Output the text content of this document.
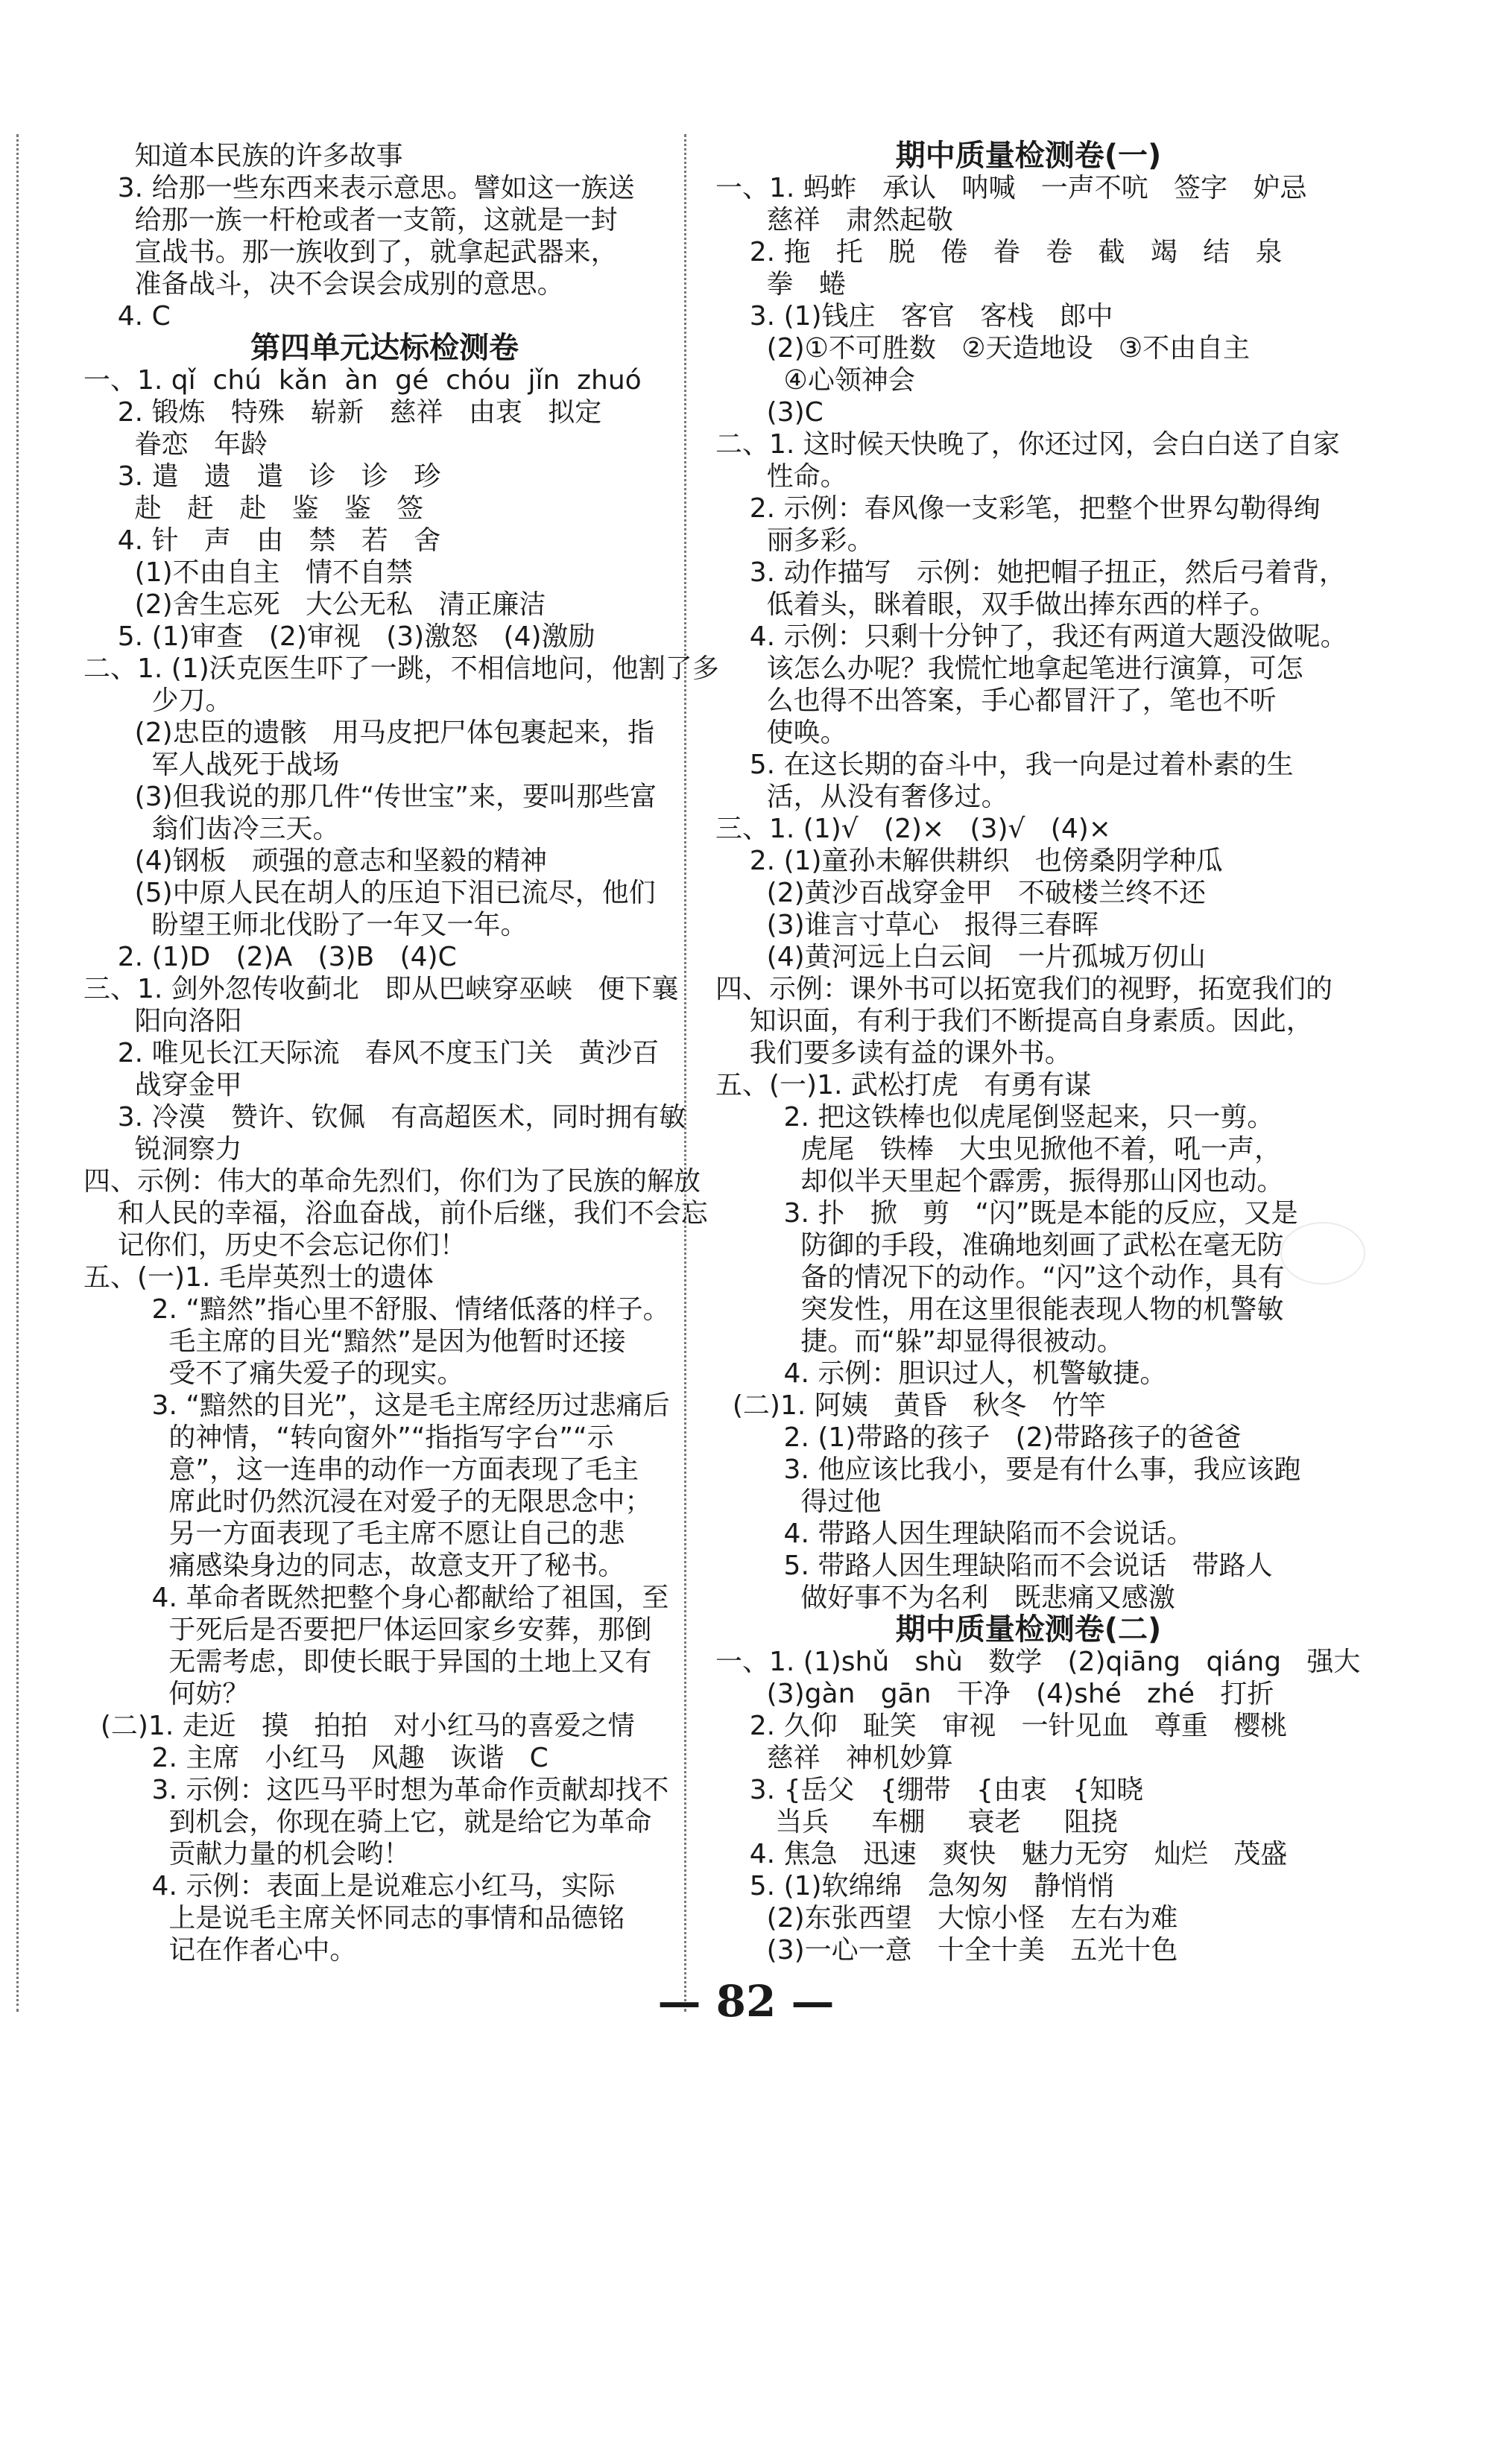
知道本民族的许多故事
3. 给那一些东西来表示意思。譬如这一族送
给那一族一杆枪或者一支箭，这就是一封
宣战书。那一族收到了，就拿起武器来，
准备战斗，决不会误会成别的意思。
4. C
第四单元达标检测卷
一、1. qǐ  chú  kǎn  àn  gé  chóu  jǐn  zhuó
2. 锻炼   特殊   崭新   慈祥   由衷   拟定
眷恋   年龄
3. 遣   遗   遣   诊   诊   珍
赴   赶   赴   鉴   鉴   签
4. 针   声   由   禁   若   舍
(1)不由自主   情不自禁
(2)舍生忘死   大公无私   清正廉洁
5. (1)审查   (2)审视   (3)激怒   (4)激励
二、1. (1)沃克医生吓了一跳，不相信地问，他割了多
少刀。
(2)忠臣的遗骸   用马皮把尸体包裹起来，指
军人战死于战场
(3)但我说的那几件“传世宝”来，要叫那些富
翁们齿冷三天。
(4)钢板   顽强的意志和坚毅的精神
(5)中原人民在胡人的压迫下泪已流尽，他们
盼望王师北伐盼了一年又一年。
2. (1)D   (2)A   (3)B   (4)C
三、1. 剑外忽传收蓟北   即从巴峡穿巫峡   便下襄
阳向洛阳
2. 唯见长江天际流   春风不度玉门关   黄沙百
战穿金甲
3. 冷漠   赞许、钦佩   有高超医术，同时拥有敏
锐洞察力
四、示例：伟大的革命先烈们，你们为了民族的解放
和人民的幸福，浴血奋战，前仆后继，我们不会忘
记你们，历史不会忘记你们！
五、(一)1. 毛岸英烈士的遗体
2. “黯然”指心里不舒服、情绪低落的样子。
毛主席的目光“黯然”是因为他暂时还接
受不了痛失爱子的现实。
3. “黯然的目光”，这是毛主席经历过悲痛后
的神情，“转向窗外”“指指写字台”“示
意”，这一连串的动作一方面表现了毛主
席此时仍然沉浸在对爱子的无限思念中；
另一方面表现了毛主席不愿让自己的悲
痛感染身边的同志，故意支开了秘书。
4. 革命者既然把整个身心都献给了祖国，至
于死后是否要把尸体运回家乡安葬，那倒
无需考虑，即使长眠于异国的土地上又有
何妨？
(二)1. 走近   摸   拍拍   对小红马的喜爱之情
2. 主席   小红马   风趣   诙谐   C
3. 示例：这匹马平时想为革命作贡献却找不
到机会，你现在骑上它，就是给它为革命
贡献力量的机会哟！
4. 示例：表面上是说难忘小红马，实际
上是说毛主席关怀同志的事情和品德铭
记在作者心中。
期中质量检测卷(一)
一、1. 蚂蚱   承认   呐喊   一声不吭   签字   妒忌
慈祥   肃然起敬
2. 拖   托   脱   倦   眷   卷   截   竭   结   泉
拳   蜷
3. (1)钱庄   客官   客栈   郎中
(2)①不可胜数   ②天造地设   ③不由自主
④心领神会
(3)C
二、1. 这时候天快晚了，你还过冈，会白白送了自家
性命。
2. 示例：春风像一支彩笔，把整个世界勾勒得绚
丽多彩。
3. 动作描写   示例：她把帽子扭正，然后弓着背，
低着头，眯着眼，双手做出捧东西的样子。
4. 示例：只剩十分钟了，我还有两道大题没做呢。
该怎么办呢？我慌忙地拿起笔进行演算，可怎
么也得不出答案，手心都冒汗了，笔也不听
使唤。
5. 在这长期的奋斗中，我一向是过着朴素的生
活，从没有奢侈过。
三、1. (1)√   (2)×   (3)√   (4)×
2. (1)童孙未解供耕织   也傍桑阴学种瓜
(2)黄沙百战穿金甲   不破楼兰终不还
(3)谁言寸草心   报得三春晖
(4)黄河远上白云间   一片孤城万仞山
四、示例：课外书可以拓宽我们的视野，拓宽我们的
知识面，有利于我们不断提高自身素质。因此，
我们要多读有益的课外书。
五、(一)1. 武松打虎   有勇有谋
2. 把这铁棒也似虎尾倒竖起来，只一剪。
虎尾   铁棒   大虫见掀他不着，吼一声，
却似半天里起个霹雳，振得那山冈也动。
3. 扑   掀   剪   “闪”既是本能的反应，又是
防御的手段，准确地刻画了武松在毫无防
备的情况下的动作。“闪”这个动作，具有
突发性，用在这里很能表现人物的机警敏
捷。而“躲”却显得很被动。
4. 示例：胆识过人，机警敏捷。
(二)1. 阿姨   黄昏   秋冬   竹竿
2. (1)带路的孩子   (2)带路孩子的爸爸
3. 他应该比我小，要是有什么事，我应该跑
得过他
4. 带路人因生理缺陷而不会说话。
5. 带路人因生理缺陷而不会说话   带路人
做好事不为名利   既悲痛又感激
期中质量检测卷(二)
一、1. (1)shǔ   shù   数学   (2)qiāng   qiáng   强大
(3)gàn   gān   干净   (4)shé   zhé   打折
2. 久仰   耻笑   审视   一针见血   尊重   樱桃
慈祥   神机妙算
3. {岳父   {绷带   {由衷   {知晓
当兵     车棚     衰老     阻挠
4. 焦急   迅速   爽快   魅力无穷   灿烂   茂盛
5. (1)软绵绵   急匆匆   静悄悄
(2)东张西望   大惊小怪   左右为难
(3)一心一意   十全十美   五光十色
— 82 —
